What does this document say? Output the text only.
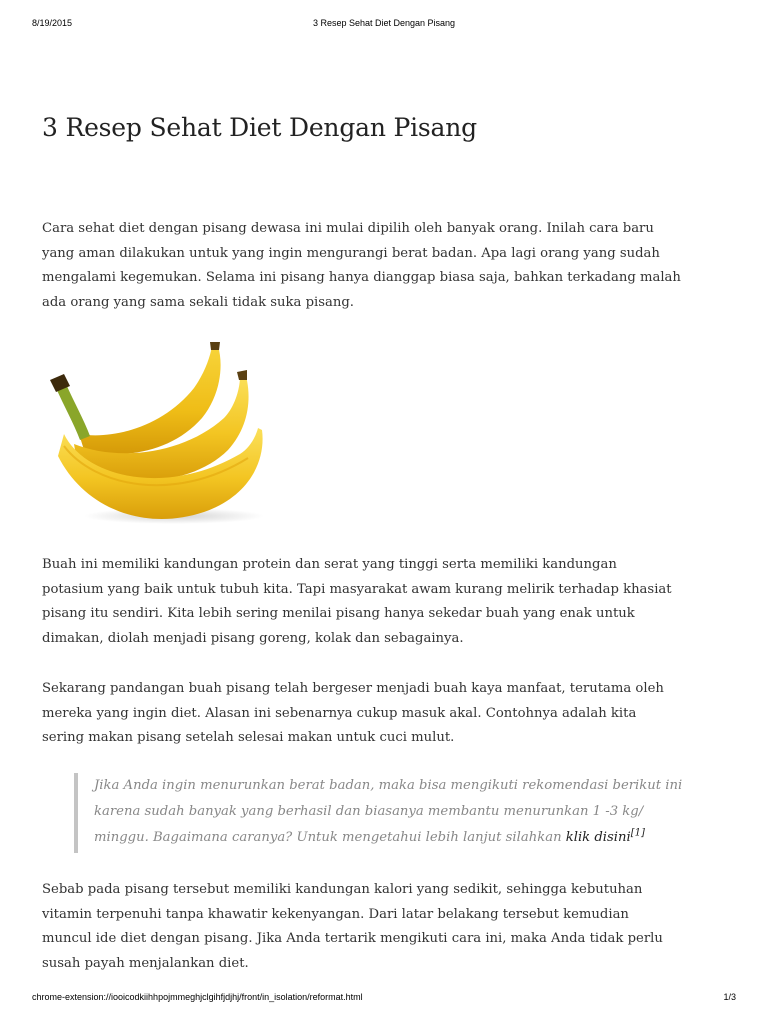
8/19/2015	3 Resep Sehat Diet Dengan Pisang
3 Resep Sehat Diet Dengan Pisang

Cara sehat diet dengan pisang dewasa ini mulai dipilih oleh banyak orang. Inilah cara baru yang aman dilakukan untuk yang ingin mengurangi berat badan. Apa lagi orang yang sudah mengalami kegemukan. Selama ini pisang hanya dianggap biasa saja, bahkan terkadang malah ada orang yang sama sekali tidak suka pisang.

Buah ini memiliki kandungan protein dan serat yang tinggi serta memiliki kandungan potasium yang baik untuk tubuh kita. Tapi masyarakat awam kurang melirik terhadap khasiat pisang itu sendiri. Kita lebih sering menilai pisang hanya sekedar buah yang enak untuk dimakan, diolah menjadi pisang goreng, kolak dan sebagainya.

Sekarang pandangan buah pisang telah bergeser menjadi buah kaya manfaat, terutama oleh mereka yang ingin diet. Alasan ini sebenarnya cukup masuk akal. Contohnya adalah kita sering makan pisang setelah selesai makan untuk cuci mulut.

Jika Anda ingin menurunkan berat badan, maka bisa mengikuti rekomendasi berikut ini karena sudah banyak yang berhasil dan biasanya membantu menurunkan 1 -3 kg/ minggu. Bagaimana caranya? Untuk mengetahui lebih lanjut silahkan klik disini[1]

Sebab pada pisang tersebut memiliki kandungan kalori yang sedikit, sehingga kebutuhan vitamin terpenuhi tanpa khawatir kekenyangan. Dari latar belakang tersebut kemudian muncul ide diet dengan pisang. Jika Anda tertarik mengikuti cara ini, maka Anda tidak perlu susah payah menjalankan diet.

chrome-extension://iooicodkiihhpojmmeghjclgihfjdjhj/front/in_isolation/reformat.html	1/3
